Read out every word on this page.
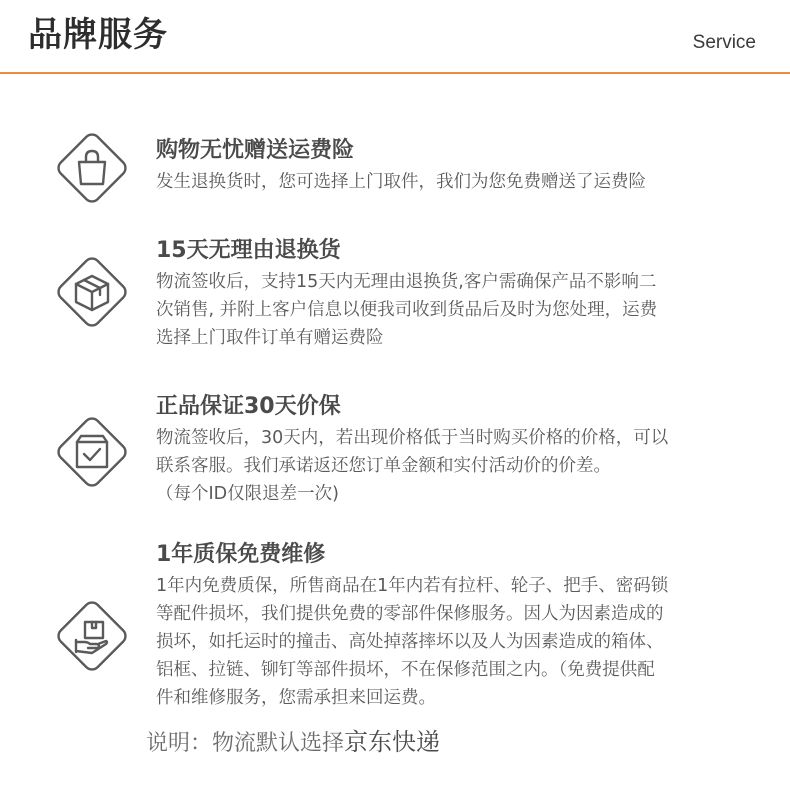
品牌服务	Service
购物无忧赠送运费险
发生退换货时，您可选择上门取件，我们为您免费赠送了运费险
15天无理由退换货
物流签收后，支持15天内无理由退换货,客户需确保产品不影响二
次销售, 并附上客户信息以便我司收到货品后及时为您处理，运费
选择上门取件订单有赠运费险
正品保证30天价保
物流签收后，30天内，若出现价格低于当时购买价格的价格，可以
联系客服。我们承诺返还您订单金额和实付活动价的价差。
（每个ID仅限退差一次)
1年质保免费维修
1年内免费质保，所售商品在1年内若有拉杆、轮子、把手、密码锁
等配件损坏，我们提供免费的零部件保修服务。因人为因素造成的
损坏，如托运时的撞击、高处掉落摔坏以及人为因素造成的箱体、
铝框、拉链、铆钉等部件损坏，不在保修范围之内。（免费提供配
件和维修服务，您需承担来回运费。
说明：物流默认选择京东快递
